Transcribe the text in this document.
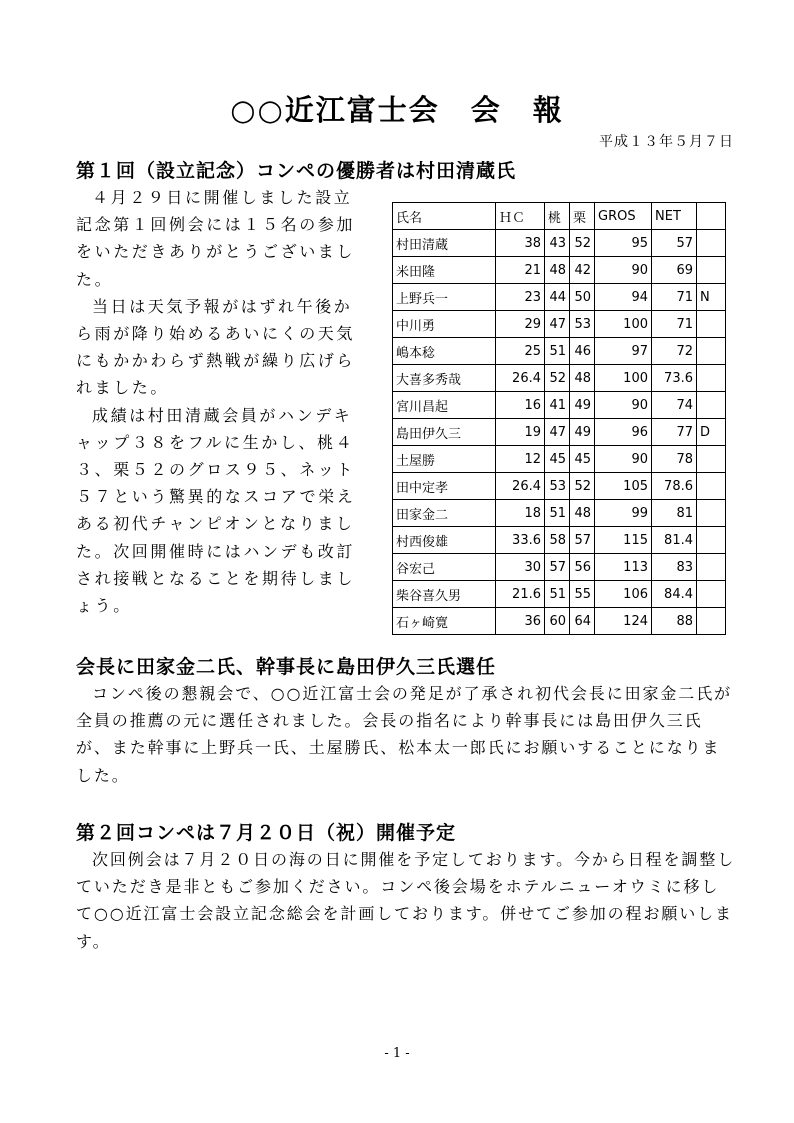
○○近江富士会　会　報
平成１３年５月７日
第１回（設立記念）コンペの優勝者は村田清蔵氏

４月２９日に開催しました設立記念第１回例会には１５名の参加をいただきありがとうございました。

当日は天気予報がはずれ午後から雨が降り始めるあいにくの天気にもかかわらず熱戦が繰り広げられました。

成績は村田清蔵会員がハンデキャップ３８をフルに生かし、桃４３、栗５２のグロス９５、ネット５７という驚異的なスコアで栄えある初代チャンピオンとなりました。次回開催時にはハンデも改訂され接戦となることを期待しましょう。

氏名	ＨＣ	桃	栗	GROS	NET	
村田清蔵	38	43	52	95	57	
米田隆	21	48	42	90	69	
上野兵一	23	44	50	94	71	N
中川勇	29	47	53	100	71	
嶋本稔	25	51	46	97	72	
大喜多秀哉	26.4	52	48	100	73.6	
宮川昌起	16	41	49	90	74	
島田伊久三	19	47	49	96	77	D
土屋勝	12	45	45	90	78	
田中定孝	26.4	53	52	105	78.6	
田家金二	18	51	48	99	81	
村西俊雄	33.6	58	57	115	81.4	
谷宏己	30	57	56	113	83	
柴谷喜久男	21.6	51	55	106	84.4	
石ヶ崎寛	36	60	64	124	88	
会長に田家金二氏、幹事長に島田伊久三氏選任

コンペ後の懇親会で、○○近江富士会の発足が了承され初代会長に田家金二氏が全員の推薦の元に選任されました。会長の指名により幹事長には島田伊久三氏が、また幹事に上野兵一氏、土屋勝氏、松本太一郎氏にお願いすることになりました。

第２回コンペは７月２０日（祝）開催予定

次回例会は７月２０日の海の日に開催を予定しております。今から日程を調整していただき是非ともご参加ください。コンペ後会場をホテルニューオウミに移して○○近江富士会設立記念総会を計画しております。併せてご参加の程お願いします。

- 1 -
